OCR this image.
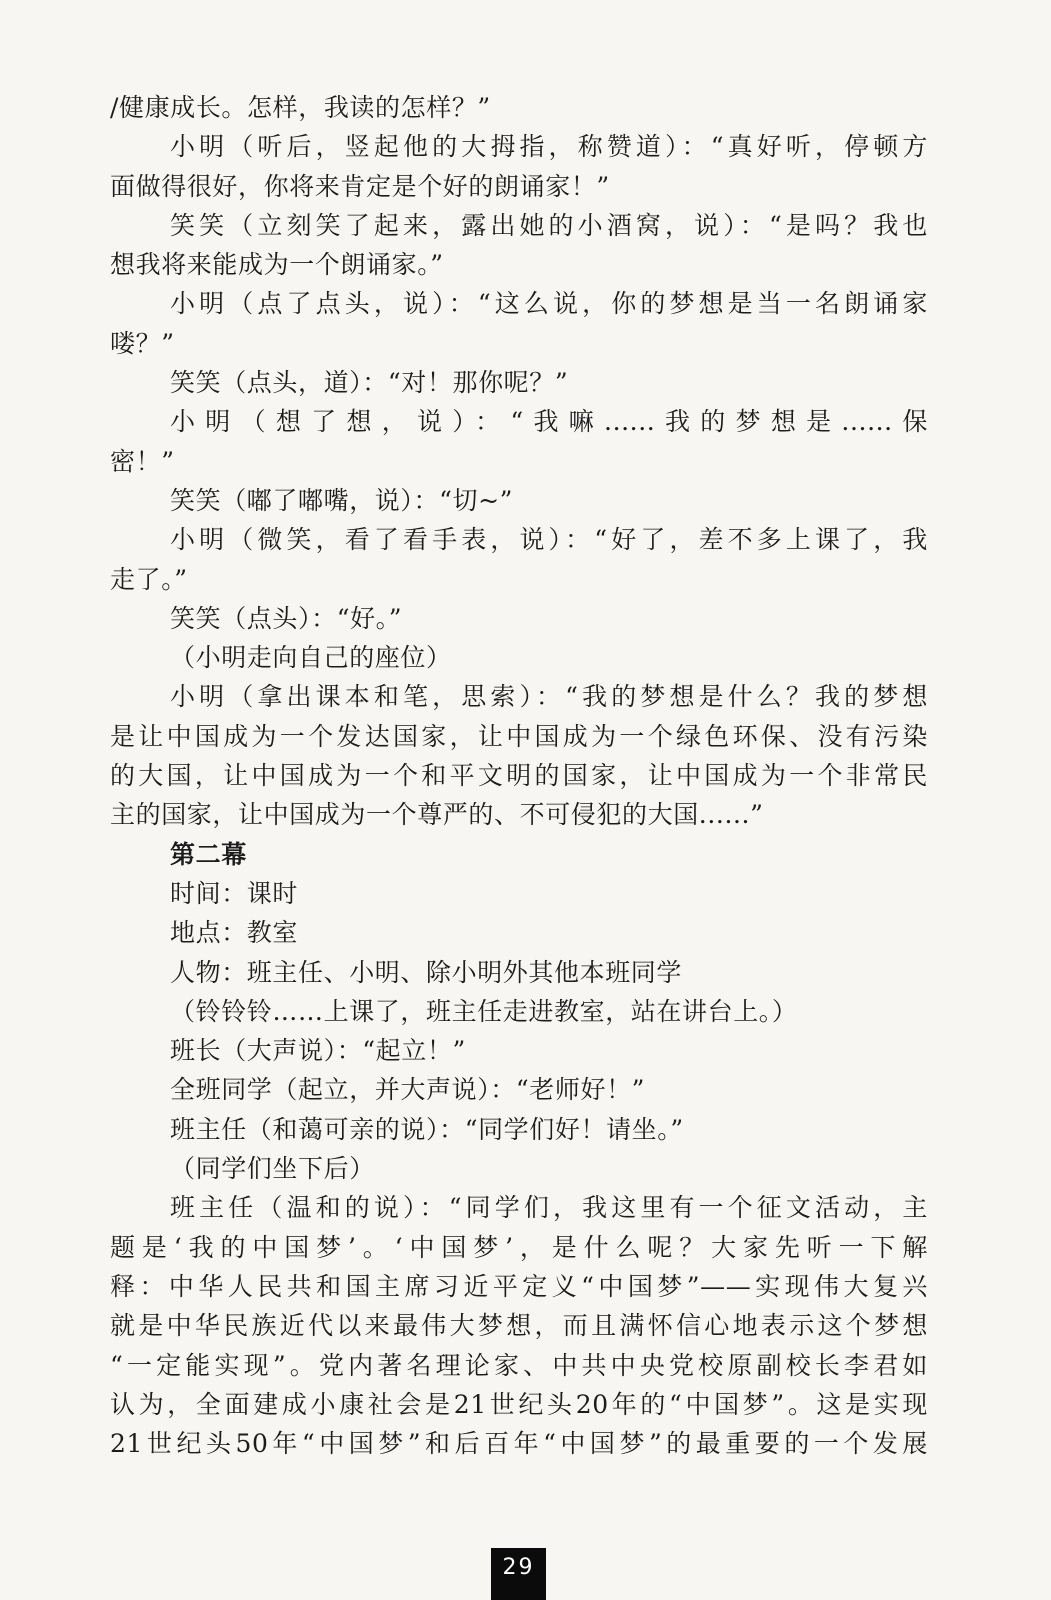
/健康成长。怎样，我读的怎样？”
小明（听后，竖起他的大拇指，称赞道）：“真好听，停顿方
面做得很好，你将来肯定是个好的朗诵家！”
笑笑（立刻笑了起来，露出她的小酒窝，说）：“是吗？我也
想我将来能成为一个朗诵家。”
小明（点了点头，说）：“这么说，你的梦想是当一名朗诵家
喽？”
笑笑（点头，道）：“对！那你呢？”
小明（想了想，说）：“我嘛......我的梦想是......保
密！”
笑笑（嘟了嘟嘴，说）：“切~”
小明（微笑，看了看手表，说）：“好了，差不多上课了，我
走了。”
笑笑（点头）：“好。”
（小明走向自己的座位）
小明（拿出课本和笔，思索）：“我的梦想是什么？我的梦想
是让中国成为一个发达国家，让中国成为一个绿色环保、没有污染
的大国，让中国成为一个和平文明的国家，让中国成为一个非常民
主的国家，让中国成为一个尊严的、不可侵犯的大国......”
第二幕
时间：课时
地点：教室
人物：班主任、小明、除小明外其他本班同学
（铃铃铃……上课了，班主任走进教室，站在讲台上。）
班长（大声说）：“起立！”
全班同学（起立，并大声说）：“老师好！”
班主任（和蔼可亲的说）：“同学们好！请坐。”
（同学们坐下后）
班主任（温和的说）：“同学们，我这里有一个征文活动，主
题是‘我的中国梦’。‘中国梦’，是什么呢？大家先听一下解
释：中华人民共和国主席习近平定义“中国梦”——实现伟大复兴
就是中华民族近代以来最伟大梦想，而且满怀信心地表示这个梦想
“一定能实现”。党内著名理论家、中共中央党校原副校长李君如
认为，全面建成小康社会是21世纪头20年的“中国梦”。这是实现
21世纪头50年“中国梦”和后百年“中国梦”的最重要的一个发展
29
